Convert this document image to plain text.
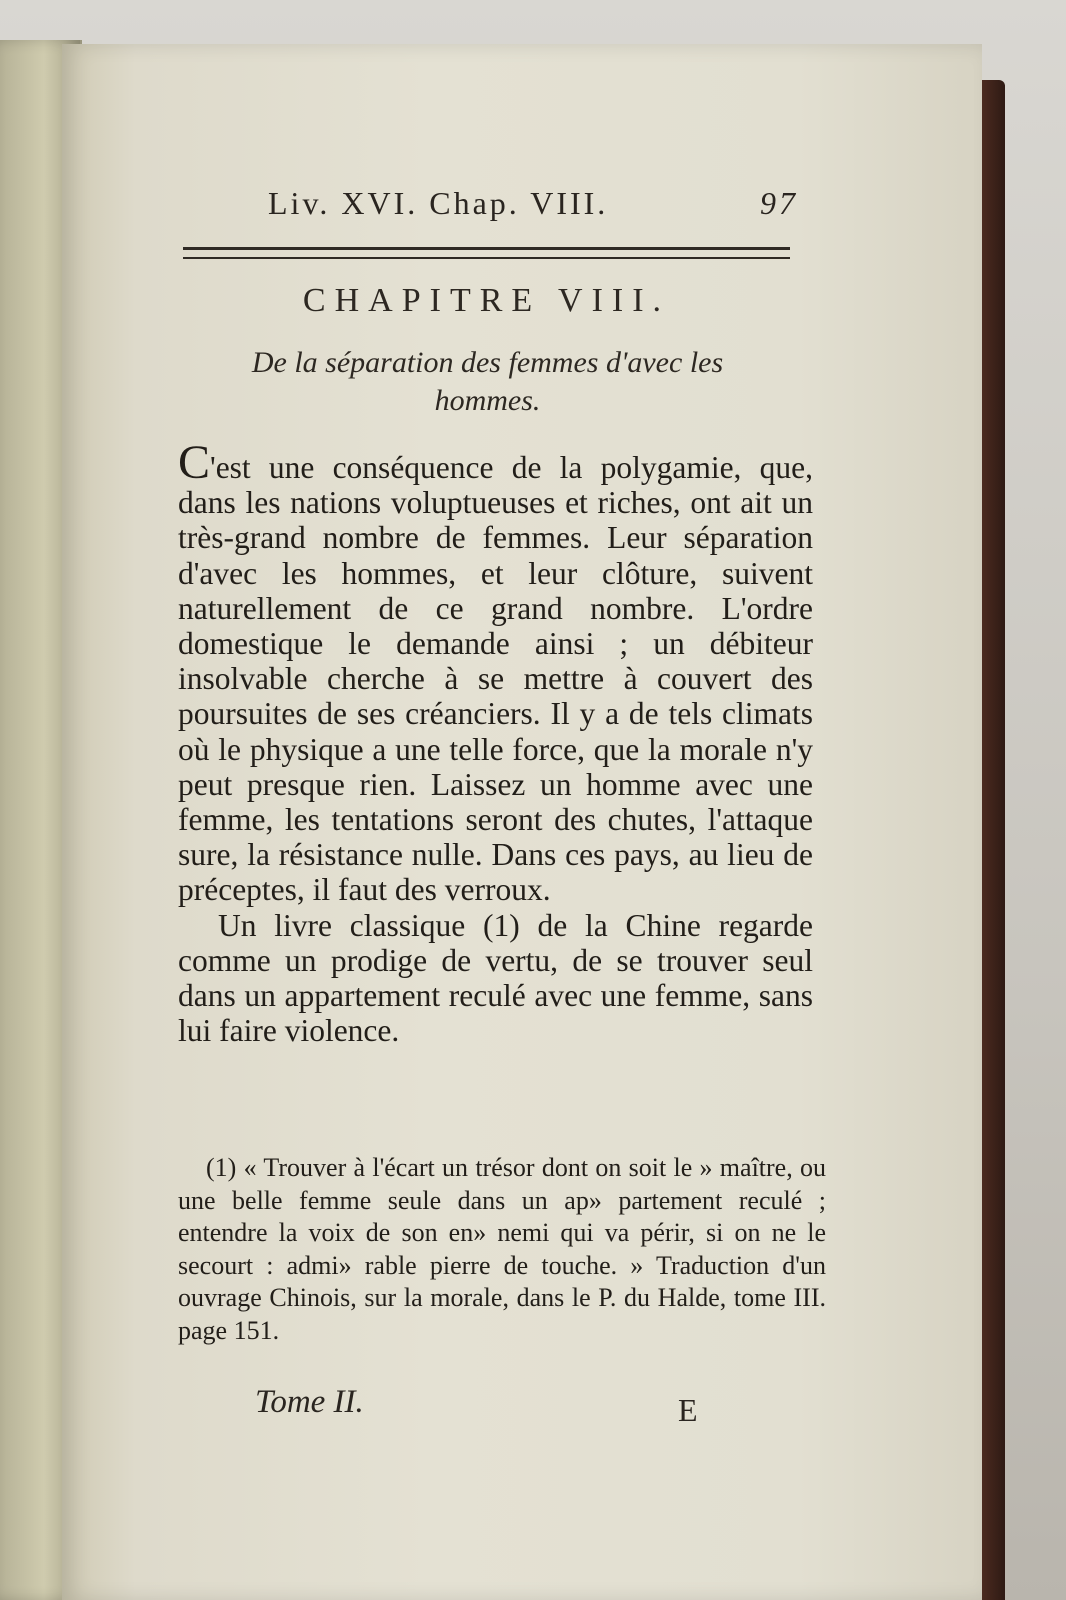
Liv. XVI. Chap. VIII.	97
CHAPITRE VIII.
De la séparation des femmes d'avec les
hommes.

C'est une conséquence de la polygamie, que, dans les nations voluptueuses et riches, ont ait un très-grand nombre de femmes. Leur séparation d'avec les hommes, et leur clôture, suivent naturellement de ce grand nombre. L'ordre domestique le demande ainsi ; un débiteur insolvable cherche à se mettre à couvert des poursuites de ses créanciers. Il y a de tels climats où le physique a une telle force, que la morale n'y peut presque rien. Laissez un homme avec une femme, les tentations seront des chutes, l'attaque sure, la résistance nulle. Dans ces pays, au lieu de préceptes, il faut des verroux.

Un livre classique (1) de la Chine regarde comme un prodige de vertu, de se trouver seul dans un appartement reculé avec une femme, sans lui faire violence.

(1) « Trouver à l'écart un trésor dont on soit le » maître, ou une belle femme seule dans un ap» partement reculé ; entendre la voix de son en» nemi qui va périr, si on ne le secourt : admi» rable pierre de touche. » Traduction d'un ouvrage Chinois, sur la morale, dans le P. du Halde, tome III. page 151.
Tome II.	E
